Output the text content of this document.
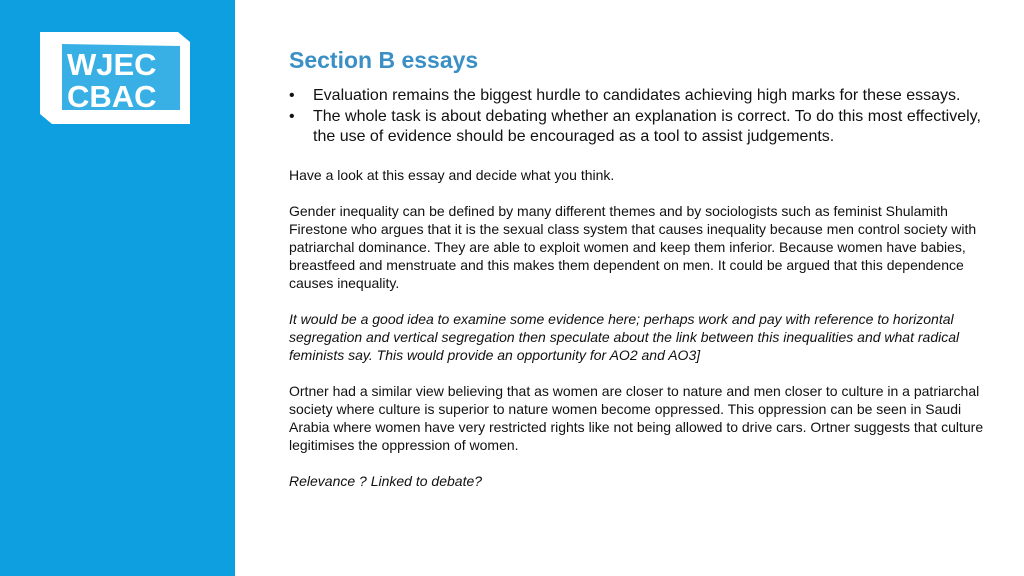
WJEC
CBAC
Section B essays
• Evaluation remains the biggest hurdle to candidates achieving high marks for these essays.
• The whole task is about debating whether an explanation is correct. To do this most effectively, the use of evidence should be encouraged as a tool to assist judgements.

Have a look at this essay and decide what you think.

Gender inequality can be defined by many different themes and by sociologists such as feminist Shulamith Firestone who argues that it is the sexual class system that causes inequality because men control society with patriarchal dominance. They are able to exploit women and keep them inferior. Because women have babies, breastfeed and menstruate and this makes them dependent on men. It could be argued that this dependence causes inequality.

It would be a good idea to examine some evidence here; perhaps work and pay with reference to horizontal segregation and vertical segregation then speculate about the link between this inequalities and what radical feminists say. This would provide an opportunity for AO2 and AO3]

Ortner had a similar view believing that as women are closer to nature and men closer to culture in a patriarchal society where culture is superior to nature women become oppressed. This oppression can be seen in Saudi Arabia where women have very restricted rights like not being allowed to drive cars. Ortner suggests that culture legitimises the oppression of women.

Relevance ? Linked to debate?
